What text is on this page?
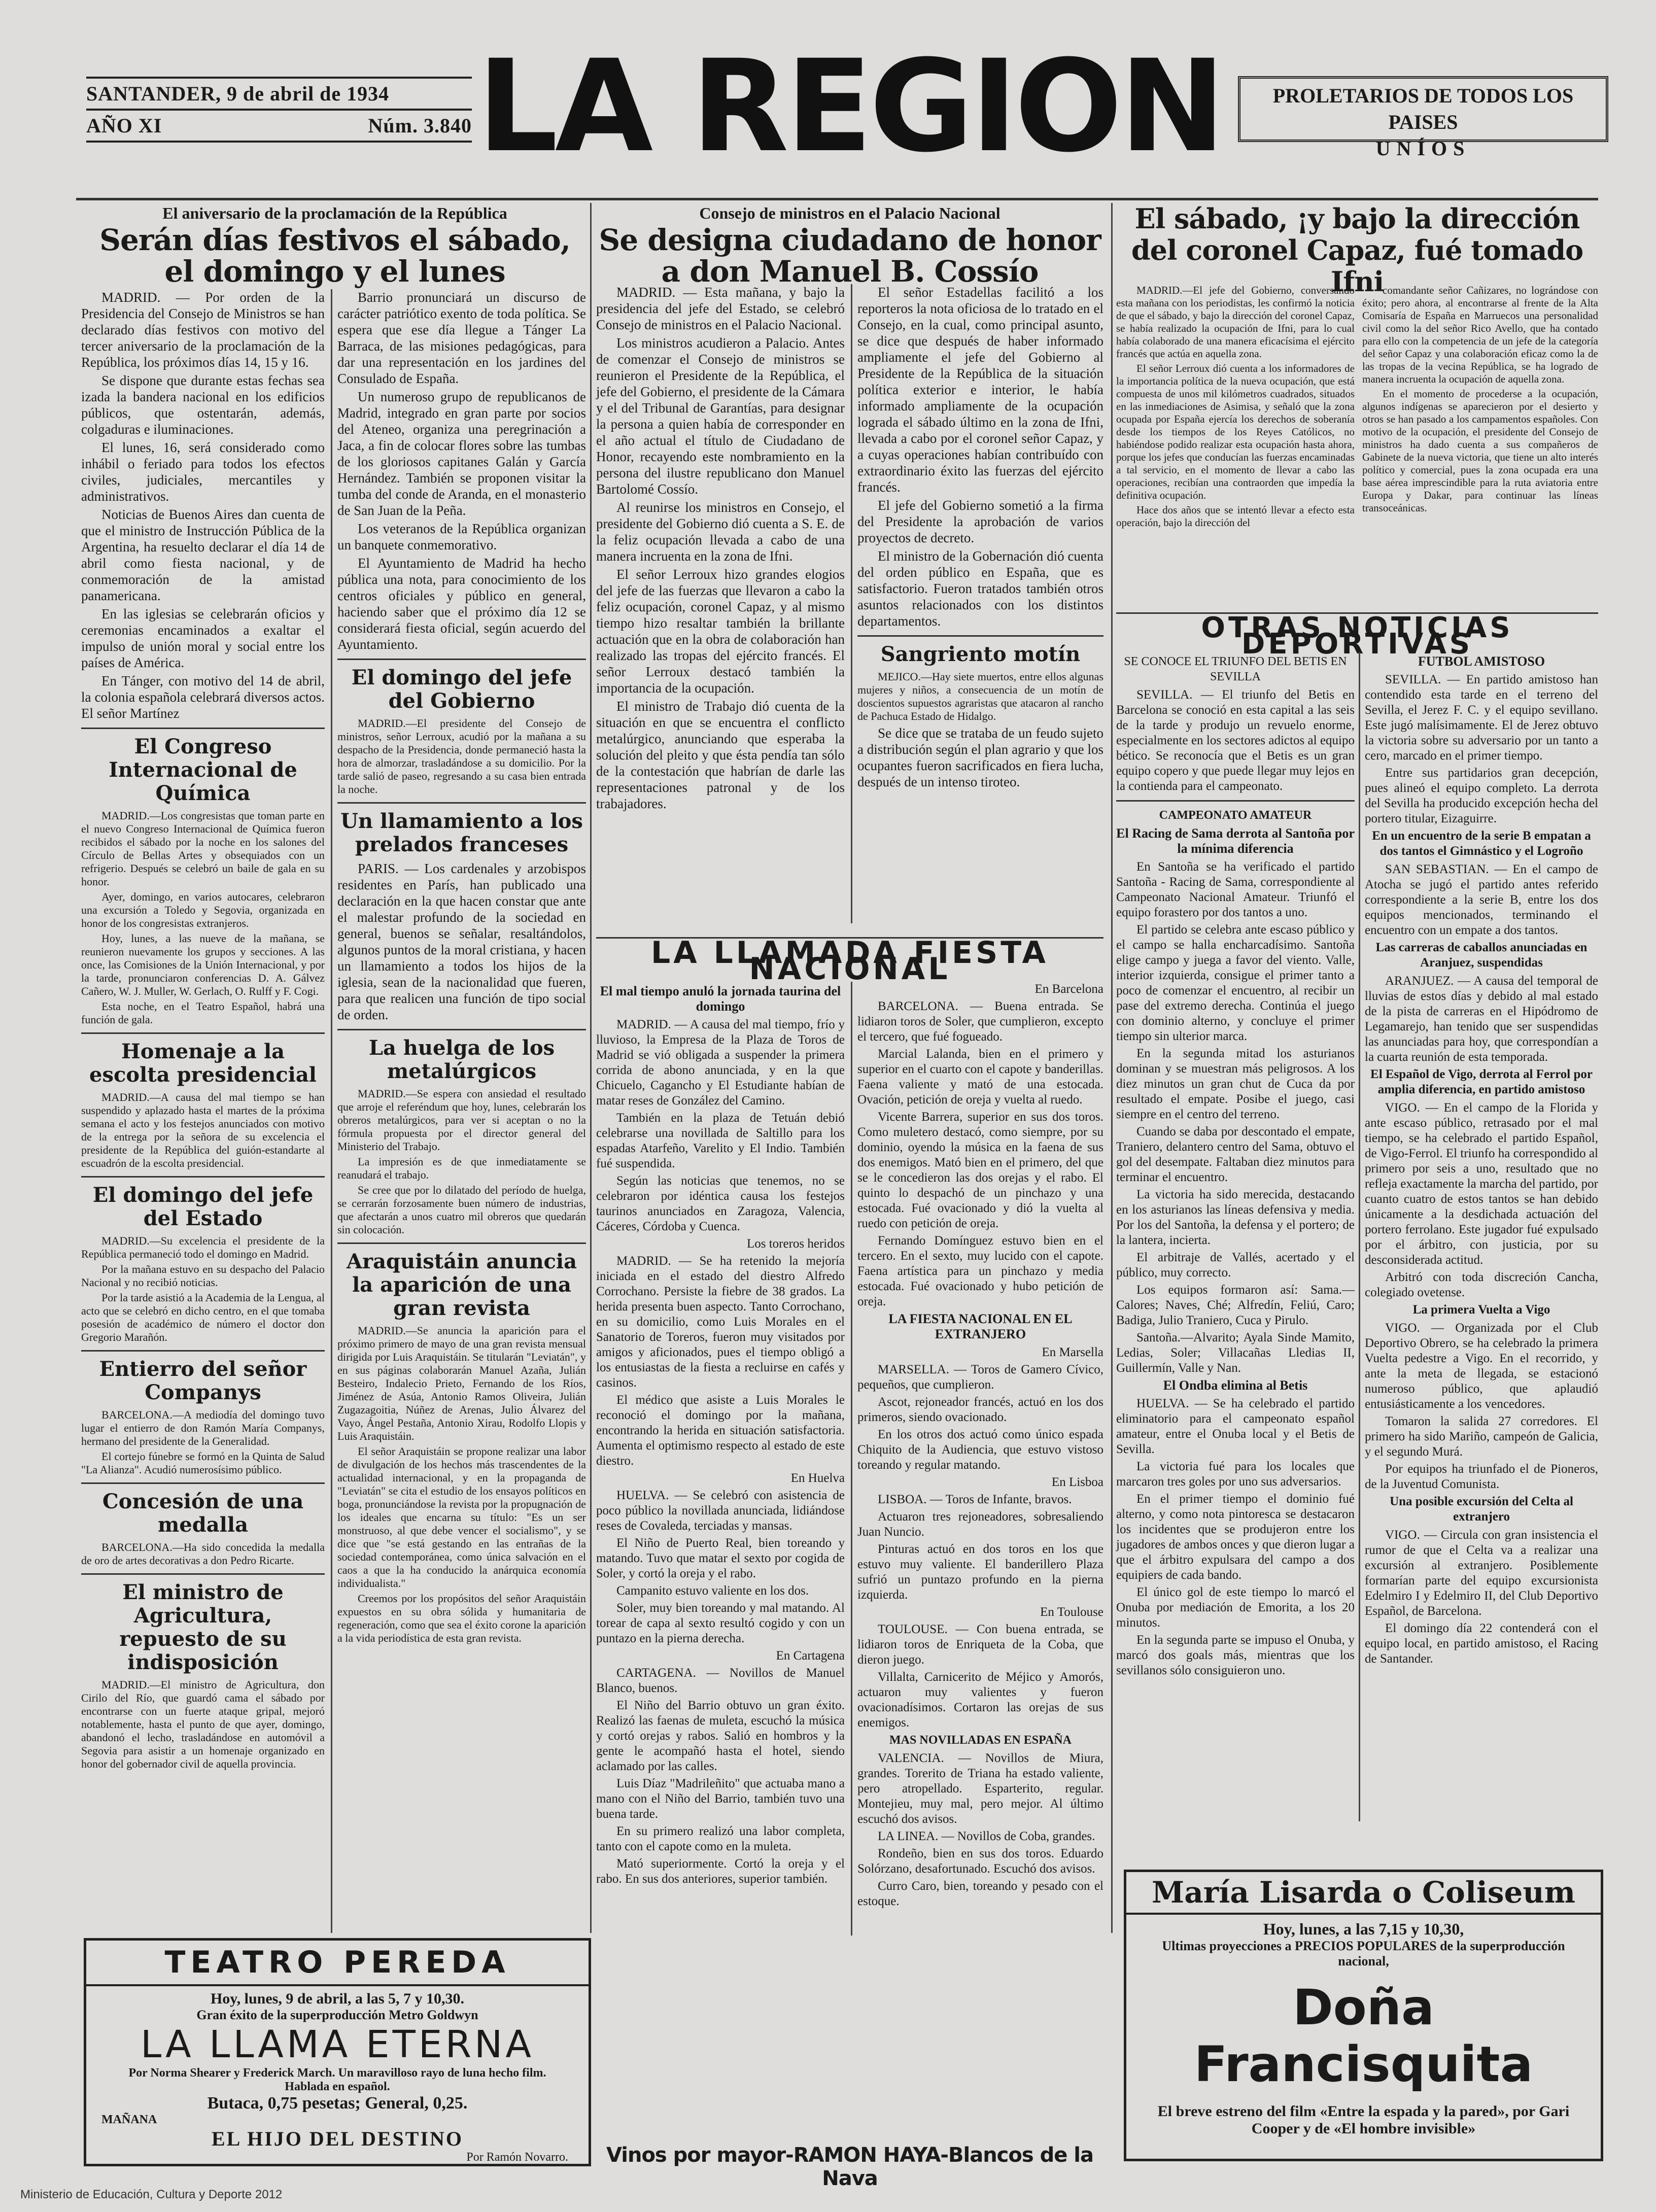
SANTANDER, 9 de abril de 1934
AÑO XI	Núm. 3.840 LA REGION	PROLETARIOS DE TODOS LOS PAISES
UNÍOS
El aniversario de la proclamación de la República
Serán días festivos el sábado, el domingo y el lunes

MADRID. — Por orden de la Presidencia del Consejo de Ministros se han declarado días festivos con motivo del tercer aniversario de la proclamación de la República, los próximos días 14, 15 y 16.

Se dispone que durante estas fechas sea izada la bandera nacional en los edificios públicos, que ostentarán, además, colgaduras e iluminaciones.

El lunes, 16, será considerado como inhábil o feriado para todos los efectos civiles, judiciales, mercantiles y administrativos.

Noticias de Buenos Aires dan cuenta de que el ministro de Instrucción Pública de la Argentina, ha resuelto declarar el día 14 de abril como fiesta nacional, y de conmemoración de la amistad panamericana.

En las iglesias se celebrarán oficios y ceremonias encaminados a exaltar el impulso de unión moral y social entre los países de América.

En Tánger, con motivo del 14 de abril, la colonia española celebrará diversos actos. El señor Martínez

El Congreso Internacional de Química

MADRID.—Los congresistas que toman parte en el nuevo Congreso Internacional de Química fueron recibidos el sábado por la noche en los salones del Círculo de Bellas Artes y obsequiados con un refrigerio. Después se celebró un baile de gala en su honor.

Ayer, domingo, en varios autocares, celebraron una excursión a Toledo y Segovia, organizada en honor de los congresistas extranjeros.

Hoy, lunes, a las nueve de la mañana, se reunieron nuevamente los grupos y secciones. A las once, las Comisiones de la Unión Internacional, y por la tarde, pronunciaron conferencias D. A. Gálvez Cañero, W. J. Muller, W. Gerlach, O. Rulff y F. Cogi.

Esta noche, en el Teatro Español, habrá una función de gala.

Homenaje a la escolta presidencial

MADRID.—A causa del mal tiempo se han suspendido y aplazado hasta el martes de la próxima semana el acto y los festejos anunciados con motivo de la entrega por la señora de su excelencia el presidente de la República del guión-estandarte al escuadrón de la escolta presidencial.

El domingo del jefe del Estado

MADRID.—Su excelencia el presidente de la República permaneció todo el domingo en Madrid.

Por la mañana estuvo en su despacho del Palacio Nacional y no recibió noticias.

Por la tarde asistió a la Academia de la Lengua, al acto que se celebró en dicho centro, en el que tomaba posesión de académico de número el doctor don Gregorio Marañón.

Entierro del señor Companys

BARCELONA.—A mediodía del domingo tuvo lugar el entierro de don Ramón María Companys, hermano del presidente de la Generalidad.

El cortejo fúnebre se formó en la Quinta de Salud "La Alianza". Acudió numerosísimo público.

Concesión de una medalla

BARCELONA.—Ha sido concedida la medalla de oro de artes decorativas a don Pedro Ricarte.

El ministro de Agricultura, repuesto de su indisposición

MADRID.—El ministro de Agricultura, don Cirilo del Río, que guardó cama el sábado por encontrarse con un fuerte ataque gripal, mejoró notablemente, hasta el punto de que ayer, domingo, abandonó el lecho, trasladándose en automóvil a Segovia para asistir a un homenaje organizado en honor del gobernador civil de aquella provincia.

Barrio pronunciará un discurso de carácter patriótico exento de toda política. Se espera que ese día llegue a Tánger La Barraca, de las misiones pedagógicas, para dar una representación en los jardines del Consulado de España.

Un numeroso grupo de republicanos de Madrid, integrado en gran parte por socios del Ateneo, organiza una peregrinación a Jaca, a fin de colocar flores sobre las tumbas de los gloriosos capitanes Galán y García Hernández. También se proponen visitar la tumba del conde de Aranda, en el monasterio de San Juan de la Peña.

Los veteranos de la República organizan un banquete conmemorativo.

El Ayuntamiento de Madrid ha hecho pública una nota, para conocimiento de los centros oficiales y público en general, haciendo saber que el próximo día 12 se considerará fiesta oficial, según acuerdo del Ayuntamiento.

El domingo del jefe del Gobierno

MADRID.—El presidente del Consejo de ministros, señor Lerroux, acudió por la mañana a su despacho de la Presidencia, donde permaneció hasta la hora de almorzar, trasladándose a su domicilio. Por la tarde salió de paseo, regresando a su casa bien entrada la noche.

Un llamamiento a los prelados franceses

PARIS. — Los cardenales y arzobispos residentes en París, han publicado una declaración en la que hacen constar que ante el malestar profundo de la sociedad en general, buenos se señalar, resaltándolos, algunos puntos de la moral cristiana, y hacen un llamamiento a todos los hijos de la iglesia, sean de la nacionalidad que fueren, para que realicen una función de tipo social de orden.

La huelga de los metalúrgicos

MADRID.—Se espera con ansiedad el resultado que arroje el referéndum que hoy, lunes, celebrarán los obreros metalúrgicos, para ver si aceptan o no la fórmula propuesta por el director general del Ministerio del Trabajo.

La impresión es de que inmediatamente se reanudará el trabajo.

Se cree que por lo dilatado del período de huelga, se cerrarán forzosamente buen número de industrias, que afectarán a unos cuatro mil obreros que quedarán sin colocación.

Araquistáin anuncia la aparición de una gran revista

MADRID.—Se anuncia la aparición para el próximo primero de mayo de una gran revista mensual dirigida por Luis Araquistáin. Se titularán "Leviatán", y en sus páginas colaborarán Manuel Azaña, Julián Besteiro, Indalecio Prieto, Fernando de los Ríos, Jiménez de Asúa, Antonio Ramos Oliveira, Julián Zugazagoitia, Núñez de Arenas, Julio Álvarez del Vayo, Ángel Pestaña, Antonio Xirau, Rodolfo Llopis y Luis Araquistáin.

El señor Araquistáin se propone realizar una labor de divulgación de los hechos más trascendentes de la actualidad internacional, y en la propaganda de "Leviatán" se cita el estudio de los ensayos políticos en boga, pronunciándose la revista por la propugnación de los ideales que encarna su título: "Es un ser monstruoso, al que debe vencer el socialismo", y se dice que "se está gestando en las entrañas de la sociedad contemporánea, como única salvación en el caos a que la ha conducido la anárquica economía individualista."

Creemos por los propósitos del señor Araquistáin expuestos en su obra sólida y humanitaria de regeneración, como que sea el éxito corone la aparición a la vida periodística de esta gran revista.

Consejo de ministros en el Palacio Nacional
Se designa ciudadano de honor a don Manuel B. Cossío

MADRID. — Esta mañana, y bajo la presidencia del jefe del Estado, se celebró Consejo de ministros en el Palacio Nacional.

Los ministros acudieron a Palacio. Antes de comenzar el Consejo de ministros se reunieron el Presidente de la República, el jefe del Gobierno, el presidente de la Cámara y el del Tribunal de Garantías, para designar la persona a quien había de corresponder en el año actual el título de Ciudadano de Honor, recayendo este nombramiento en la persona del ilustre republicano don Manuel Bartolomé Cossío.

Al reunirse los ministros en Consejo, el presidente del Gobierno dió cuenta a S. E. de la feliz ocupación llevada a cabo de una manera incruenta en la zona de Ifni.

El señor Lerroux hizo grandes elogios del jefe de las fuerzas que llevaron a cabo la feliz ocupación, coronel Capaz, y al mismo tiempo hizo resaltar también la brillante actuación que en la obra de colaboración han realizado las tropas del ejército francés. El señor Lerroux destacó también la importancia de la ocupación.

El ministro de Trabajo dió cuenta de la situación en que se encuentra el conflicto metalúrgico, anunciando que esperaba la solución del pleito y que ésta pendía tan sólo de la contestación que habrían de darle las representaciones patronal y de los trabajadores.

El señor Estadellas facilitó a los reporteros la nota oficiosa de lo tratado en el Consejo, en la cual, como principal asunto, se dice que después de haber informado ampliamente el jefe del Gobierno al Presidente de la República de la situación política exterior e interior, le había informado ampliamente de la ocupación lograda el sábado último en la zona de Ifni, llevada a cabo por el coronel señor Capaz, y a cuyas operaciones habían contribuído con extraordinario éxito las fuerzas del ejército francés.

El jefe del Gobierno sometió a la firma del Presidente la aprobación de varios proyectos de decreto.

El ministro de la Gobernación dió cuenta del orden público en España, que es satisfactorio. Fueron tratados también otros asuntos relacionados con los distintos departamentos.

Sangriento motín

MEJICO.—Hay siete muertos, entre ellos algunas mujeres y niños, a consecuencia de un motín de doscientos supuestos agraristas que atacaron al rancho de Pachuca Estado de Hidalgo.

Se dice que se trataba de un feudo sujeto a distribución según el plan agrario y que los ocupantes fueron sacrificados en fiera lucha, después de un intenso tiroteo.

LA LLAMADA FIESTA NACIONAL
El mal tiempo anuló la jornada taurina del domingo

MADRID. — A causa del mal tiempo, frío y lluvioso, la Empresa de la Plaza de Toros de Madrid se vió obligada a suspender la primera corrida de abono anunciada, y en la que Chicuelo, Cagancho y El Estudiante habían de matar reses de González del Camino.

También en la plaza de Tetuán debió celebrarse una novillada de Saltillo para los espadas Atarfeño, Varelito y El Indio. También fué suspendida.

Según las noticias que tenemos, no se celebraron por idéntica causa los festejos taurinos anunciados en Zaragoza, Valencia, Cáceres, Córdoba y Cuenca.

Los toreros heridos

MADRID. — Se ha retenido la mejoría iniciada en el estado del diestro Alfredo Corrochano. Persiste la fiebre de 38 grados. La herida presenta buen aspecto. Tanto Corrochano, en su domicilio, como Luis Morales en el Sanatorio de Toreros, fueron muy visitados por amigos y aficionados, pues el tiempo obligó a los entusiastas de la fiesta a recluirse en cafés y casinos.

El médico que asiste a Luis Morales le reconoció el domingo por la mañana, encontrando la herida en situación satisfactoria. Aumenta el optimismo respecto al estado de este diestro.

En Huelva

HUELVA. — Se celebró con asistencia de poco público la novillada anunciada, lidiándose reses de Covaleda, terciadas y mansas.

El Niño de Puerto Real, bien toreando y matando. Tuvo que matar el sexto por cogida de Soler, y cortó la oreja y el rabo.

Campanito estuvo valiente en los dos.

Soler, muy bien toreando y mal matando. Al torear de capa al sexto resultó cogido y con un puntazo en la pierna derecha.

En Cartagena

CARTAGENA. — Novillos de Manuel Blanco, buenos.

El Niño del Barrio obtuvo un gran éxito. Realizó las faenas de muleta, escuchó la música y cortó orejas y rabos. Salió en hombros y la gente le acompañó hasta el hotel, siendo aclamado por las calles.

Luis Díaz "Madrileñito" que actuaba mano a mano con el Niño del Barrio, también tuvo una buena tarde.

En su primero realizó una labor completa, tanto con el capote como en la muleta.

Mató superiormente. Cortó la oreja y el rabo. En sus dos anteriores, superior también.

En Barcelona

BARCELONA. — Buena entrada. Se lidiaron toros de Soler, que cumplieron, excepto el tercero, que fué fogueado.

Marcial Lalanda, bien en el primero y superior en el cuarto con el capote y banderillas. Faena valiente y mató de una estocada. Ovación, petición de oreja y vuelta al ruedo.

Vicente Barrera, superior en sus dos toros. Como muletero destacó, como siempre, por su dominio, oyendo la música en la faena de sus dos enemigos. Mató bien en el primero, del que se le concedieron las dos orejas y el rabo. El quinto lo despachó de un pinchazo y una estocada. Fué ovacionado y dió la vuelta al ruedo con petición de oreja.

Fernando Domínguez estuvo bien en el tercero. En el sexto, muy lucido con el capote. Faena artística para un pinchazo y media estocada. Fué ovacionado y hubo petición de oreja.

LA FIESTA NACIONAL EN EL EXTRANJERO

En Marsella

MARSELLA. — Toros de Gamero Cívico, pequeños, que cumplieron.

Ascot, rejoneador francés, actuó en los dos primeros, siendo ovacionado.

En los otros dos actuó como único espada Chiquito de la Audiencia, que estuvo vistoso toreando y regular matando.

En Lisboa

LISBOA. — Toros de Infante, bravos.

Actuaron tres rejoneadores, sobresaliendo Juan Nuncio.

Pinturas actuó en dos toros en los que estuvo muy valiente. El banderillero Plaza sufrió un puntazo profundo en la pierna izquierda.

En Toulouse

TOULOUSE. — Con buena entrada, se lidiaron toros de Enriqueta de la Coba, que dieron juego.

Villalta, Carnicerito de Méjico y Amorós, actuaron muy valientes y fueron ovacionadísimos. Cortaron las orejas de sus enemigos.

MAS NOVILLADAS EN ESPAÑA

VALENCIA. — Novillos de Miura, grandes. Torerito de Triana ha estado valiente, pero atropellado. Esparterito, regular. Montejieu, muy mal, pero mejor. Al último escuchó dos avisos.

LA LINEA. — Novillos de Coba, grandes.

Rondeño, bien en sus dos toros. Eduardo Solórzano, desafortunado. Escuchó dos avisos.

Curro Caro, bien, toreando y pesado con el estoque.

El sábado, ¡y bajo la dirección del coronel Capaz, fué tomado Ifni

MADRID.—El jefe del Gobierno, conversando esta mañana con los periodistas, les confirmó la noticia de que el sábado, y bajo la dirección del coronel Capaz, se había realizado la ocupación de Ifni, para lo cual había colaborado de una manera eficacísima el ejército francés que actúa en aquella zona.

El señor Lerroux dió cuenta a los informadores de la importancia política de la nueva ocupación, que está compuesta de unos mil kilómetros cuadrados, situados en las inmediaciones de Asimisa, y señaló que la zona ocupada por España ejercía los derechos de soberanía desde los tiempos de los Reyes Católicos, no habiéndose podido realizar esta ocupación hasta ahora, porque los jefes que conducían las fuerzas encaminadas a tal servicio, en el momento de llevar a cabo las operaciones, recibían una contraorden que impedía la definitiva ocupación.

Hace dos años que se intentó llevar a efecto esta operación, bajo la dirección del

comandante señor Cañizares, no lográndose con éxito; pero ahora, al encontrarse al frente de la Alta Comisaría de España en Marruecos una personalidad civil como la del señor Rico Avello, que ha contado para ello con la competencia de un jefe de la categoría del señor Capaz y una colaboración eficaz como la de las tropas de la vecina República, se ha logrado de manera incruenta la ocupación de aquella zona.

En el momento de procederse a la ocupación, algunos indígenas se aparecieron por el desierto y otros se han pasado a los campamentos españoles. Con motivo de la ocupación, el presidente del Consejo de ministros ha dado cuenta a sus compañeros de Gabinete de la nueva victoria, que tiene un alto interés político y comercial, pues la zona ocupada era una base aérea imprescindible para la ruta aviatoria entre Europa y Dakar, para continuar las líneas transoceánicas.

OTRAS NOTICIAS DEPORTIVAS
SE CONOCE EL TRIUNFO DEL BETIS EN SEVILLA

SEVILLA. — El triunfo del Betis en Barcelona se conoció en esta capital a las seis de la tarde y produjo un revuelo enorme, especialmente en los sectores adictos al equipo bético. Se reconocía que el Betis es un gran equipo copero y que puede llegar muy lejos en la contienda para el campeonato.

CAMPEONATO AMATEUR
El Racing de Sama derrota al Santoña por la mínima diferencia

En Santoña se ha verificado el partido Santoña - Racing de Sama, correspondiente al Campeonato Nacional Amateur. Triunfó el equipo forastero por dos tantos a uno.

El partido se celebra ante escaso público y el campo se halla encharcadísimo. Santoña elige campo y juega a favor del viento. Valle, interior izquierda, consigue el primer tanto a poco de comenzar el encuentro, al recibir un pase del extremo derecha. Continúa el juego con dominio alterno, y concluye el primer tiempo sin ulterior marca.

En la segunda mitad los asturianos dominan y se muestran más peligrosos. A los diez minutos un gran chut de Cuca da por resultado el empate. Posibe el juego, casi siempre en el centro del terreno.

Cuando se daba por descontado el empate, Traniero, delantero centro del Sama, obtuvo el gol del desempate. Faltaban diez minutos para terminar el encuentro.

La victoria ha sido merecida, destacando en los asturianos las líneas defensiva y media. Por los del Santoña, la defensa y el portero; de la lantera, incierta.

El arbitraje de Vallés, acertado y el público, muy correcto.

Los equipos formaron así: Sama.—Calores; Naves, Ché; Alfredín, Feliú, Caro; Badiga, Julio Traniero, Cuca y Pirulo.

Santoña.—Alvarito; Ayala Sinde Mamito, Ledias, Soler; Villacañas Lledias II, Guillermín, Valle y Nan.

El Ondba elimina al Betis

HUELVA. — Se ha celebrado el partido eliminatorio para el campeonato español amateur, entre el Onuba local y el Betis de Sevilla.

La victoria fué para los locales que marcaron tres goles por uno sus adversarios.

En el primer tiempo el dominio fué alterno, y como nota pintoresca se destacaron los incidentes que se produjeron entre los jugadores de ambos onces y que dieron lugar a que el árbitro expulsara del campo a dos equipiers de cada bando.

El único gol de este tiempo lo marcó el Onuba por mediación de Emorita, a los 20 minutos.

En la segunda parte se impuso el Onuba, y marcó dos goals más, mientras que los sevillanos sólo consiguieron uno.

FUTBOL AMISTOSO

SEVILLA. — En partido amistoso han contendido esta tarde en el terreno del Sevilla, el Jerez F. C. y el equipo sevillano. Este jugó malísimamente. El de Jerez obtuvo la victoria sobre su adversario por un tanto a cero, marcado en el primer tiempo.

Entre sus partidarios gran decepción, pues alineó el equipo completo. La derrota del Sevilla ha producido excepción hecha del portero titular, Eizaguirre.

En un encuentro de la serie B empatan a dos tantos el Gimnástico y el Logroño

SAN SEBASTIAN. — En el campo de Atocha se jugó el partido antes referido correspondiente a la serie B, entre los dos equipos mencionados, terminando el encuentro con un empate a dos tantos.

Las carreras de caballos anunciadas en Aranjuez, suspendidas

ARANJUEZ. — A causa del temporal de lluvias de estos días y debido al mal estado de la pista de carreras en el Hipódromo de Legamarejo, han tenido que ser suspendidas las anunciadas para hoy, que correspondían a la cuarta reunión de esta temporada.

El Español de Vigo, derrota al Ferrol por amplia diferencia, en partido amistoso

VIGO. — En el campo de la Florida y ante escaso público, retrasado por el mal tiempo, se ha celebrado el partido Español, de Vigo-Ferrol. El triunfo ha correspondido al primero por seis a uno, resultado que no refleja exactamente la marcha del partido, por cuanto cuatro de estos tantos se han debido únicamente a la desdichada actuación del portero ferrolano. Este jugador fué expulsado por el árbitro, con justicia, por su desconsiderada actitud.

Arbitró con toda discreción Cancha, colegiado ovetense.

La primera Vuelta a Vigo

VIGO. — Organizada por el Club Deportivo Obrero, se ha celebrado la primera Vuelta pedestre a Vigo. En el recorrido, y ante la meta de llegada, se estacionó numeroso público, que aplaudió entusiásticamente a los vencedores.

Tomaron la salida 27 corredores. El primero ha sido Mariño, campeón de Galicia, y el segundo Murá.

Por equipos ha triunfado el de Pioneros, de la Juventud Comunista.

Una posible excursión del Celta al extranjero

VIGO. — Circula con gran insistencia el rumor de que el Celta va a realizar una excursión al extranjero. Posiblemente formarían parte del equipo excursionista Edelmiro I y Edelmiro II, del Club Deportivo Español, de Barcelona.

El domingo día 22 contenderá con el equipo local, en partido amistoso, el Racing de Santander.

TEATRO PEREDA
Hoy, lunes, 9 de abril, a las 5, 7 y 10,30.
Gran éxito de la superproducción Metro Goldwyn
LA LLAMA ETERNA
Por Norma Shearer y Frederick March. Un maravilloso rayo de luna hecho film. Hablada en español.
Butaca, 0,75 pesetas; General, 0,25.
MAÑANA
EL HIJO DEL DESTINO
Por Ramón Novarro.	Vinos por mayor-RAMON HAYA-Blancos de la Nava
María Lisarda o Coliseum
Hoy, lunes, a las 7,15 y 10,30,
Ultimas proyecciones a PRECIOS POPULARES de la superproducción nacional,
Doña Francisquita
El breve estreno del film «Entre la espada y la pared», por Gari Cooper y de «El hombre invisible»
Ministerio de Educación, Cultura y Deporte 2012
